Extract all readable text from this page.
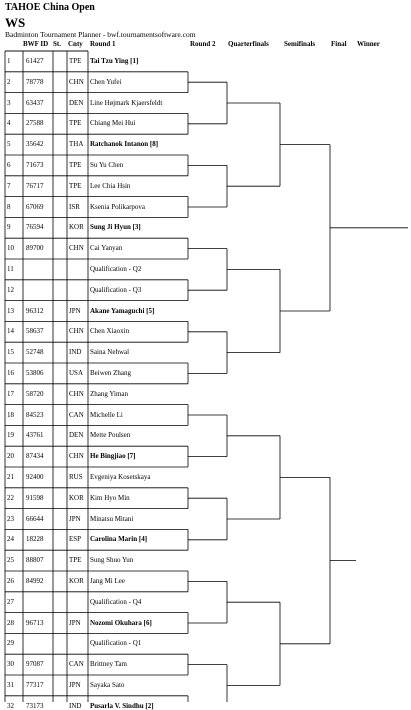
TAHOE China Open
WS
Badminton Tournament Planner - bwf.tournamentsoftware.com
BWF ID St. Cnty Round 1	Round 2 Quarterfinals Semifinals Final Winner
1 61427	TPE Tai Tzu Ying [1]
2 78778	CHN Chen Yufei
3 63437	DEN Line Højmark Kjaersfeldt
4 27588	TPE Chiang Mei Hui
5 35642	THA Ratchanok Intanon [8]
6 71673	TPE Su Yu Chen
7 76717	TPE Lee Chia Hsin
8 67069	ISR Ksenia Polikarpova
9 76594	KOR Sung Ji Hyun [3]
10 89700	CHN Cai Yanyan
11	Qualification - Q2
12	Qualification - Q3
13 96312	JPN Akane Yamaguchi [5]
14 58637	CHN Chen Xiaoxin
15 52748	IND Saina Nehwal
16 53806	USA Beiwen Zhang
17 58720	CHN Zhang Yiman
18 84523	CAN Michelle Li
19 43761	DEN Mette Poulsen
20 87434	CHN He Bingjiao [7]
21 92400	RUS Evgeniya Kosetskaya
22 91598	KOR Kim Hyo Min
23 66644	JPN Minatsu Mitani
24 18228	ESP Carolina Marin [4]
25 88807	TPE Sung Shuo Yun
26 84992	KOR Jang Mi Lee
27	Qualification - Q4
28 96713	JPN Nozomi Okuhara [6]
29	Qualification - Q1
30 97087	CAN Brittney Tam
31 77317	JPN Sayaka Sato
32 73173	IND Pusarla V. Sindhu [2]
